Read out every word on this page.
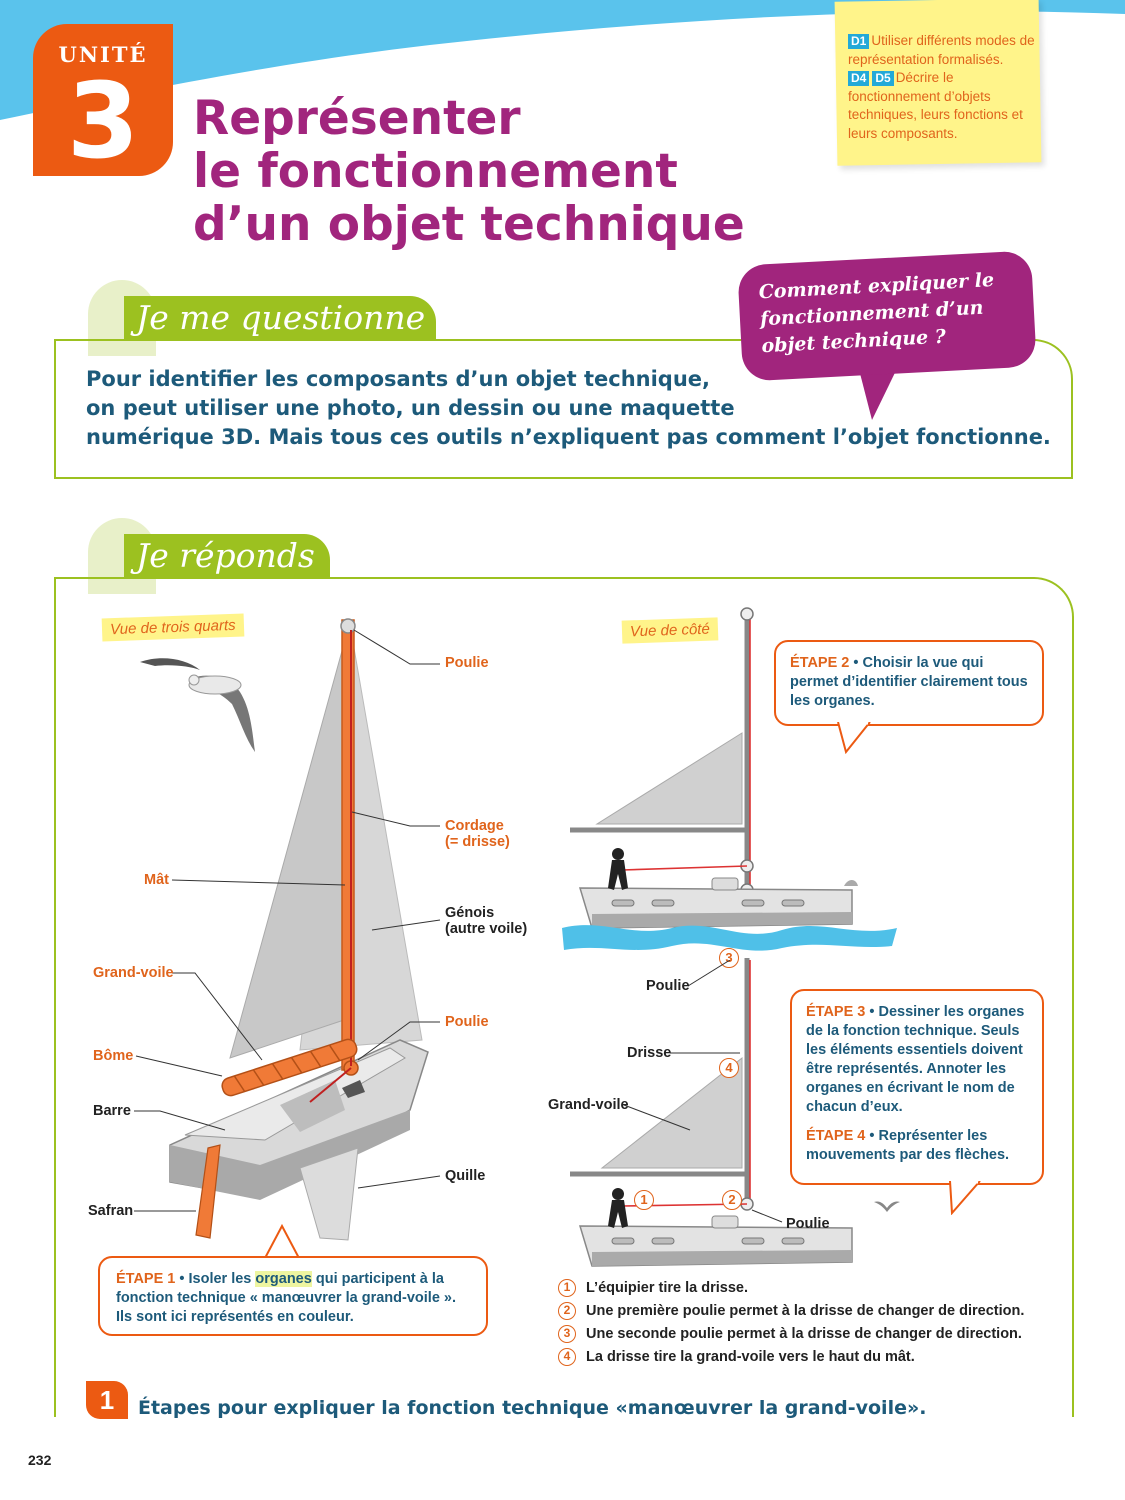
UNITÉ
3	Représenter
le fonctionnement
d’un objet technique
D1 Utiliser différents modes de représentation formalisés.
D4 D5 Décrire le fonctionnement d’objets techniques, leurs fonctions et leurs composants.
Je me questionne
Pour identifier les composants d’un objet technique,
on peut utiliser une photo, un dessin ou une maquette
numérique 3D. Mais tous ces outils n’expliquent pas comment l’objet fonctionne.
Comment expliquer le fonctionnement d’un objet technique ?
Je réponds
Vue de trois quarts
Poulie
Cordage
(= drisse)
Mât
Génois
(autre voile)
Grand-voile
Poulie
Bôme
Barre
Quille
Safran
ÉTAPE 1 • Isoler les organes qui participent à la fonction technique « manœuvrer la grand-voile ». Ils sont ici représentés en couleur.
Vue de côté
3
4
1	2
Poulie
Drisse
Grand-voile
Poulie
ÉTAPE 2 • Choisir la vue qui permet d’identifier clairement tous les organes.
ÉTAPE 3 • Dessiner les organes de la fonction technique. Seuls les éléments essentiels doivent être représentés. Annoter les organes en écrivant le nom de chacun d’eux.
ÉTAPE 4 • Représenter les mouvements par des flèches.
1 L’équipier tire la drisse.
2 Une première poulie permet à la drisse de changer de direction.
3 Une seconde poulie permet à la drisse de changer de direction.
4 La drisse tire la grand-voile vers le haut du mât.
1	Étapes pour expliquer la fonction technique «manœuvrer la grand-voile».
232
